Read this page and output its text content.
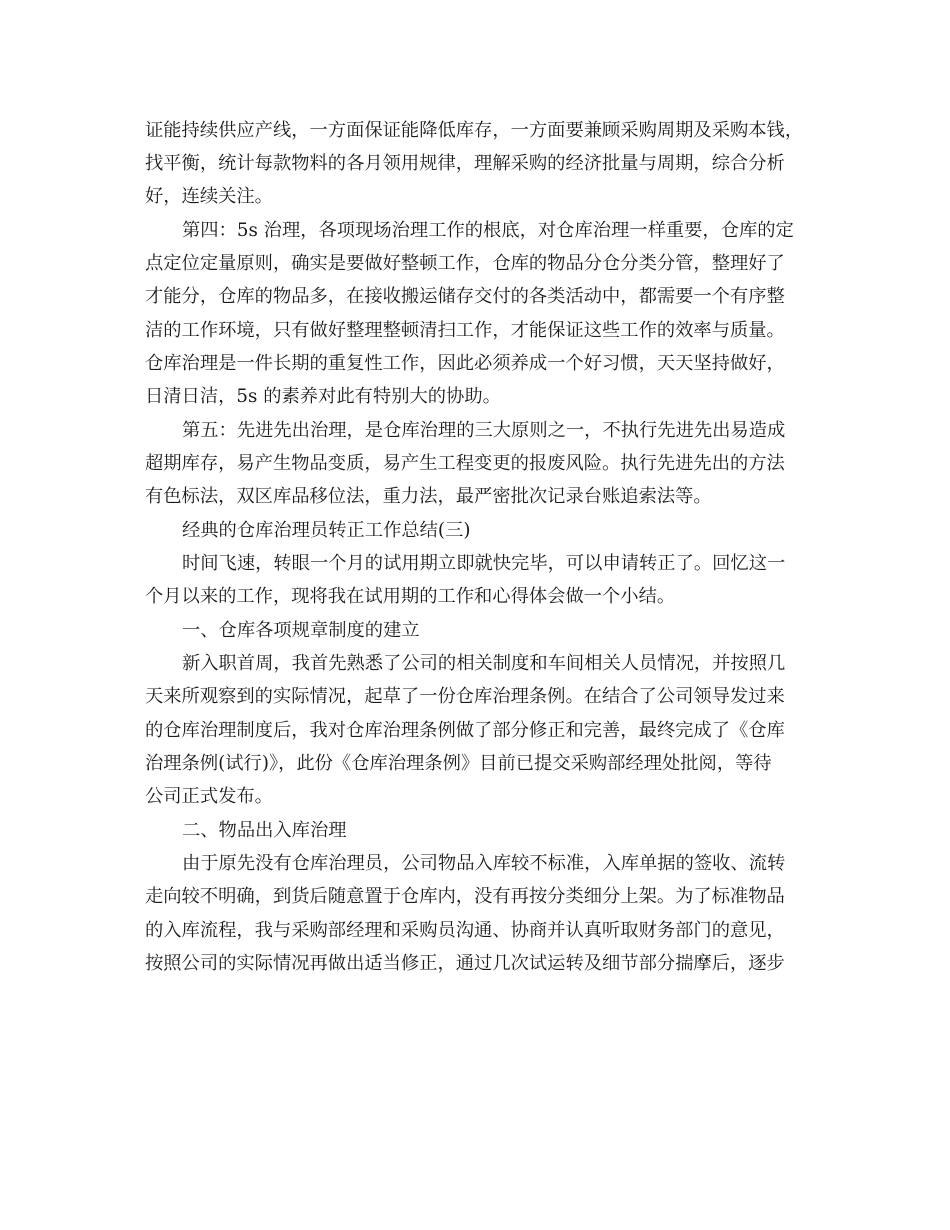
证能持续供应产线，一方面保证能降低库存，一方面要兼顾采购周期及采购本钱，
找平衡，统计每款物料的各月领用规律，理解采购的经济批量与周期，综合分析
好，连续关注。
第四：5s 治理，各项现场治理工作的根底，对仓库治理一样重要，仓库的定
点定位定量原则，确实是要做好整顿工作，仓库的物品分仓分类分管，整理好了
才能分，仓库的物品多，在接收搬运储存交付的各类活动中，都需要一个有序整
洁的工作环境，只有做好整理整顿清扫工作，才能保证这些工作的效率与质量。
仓库治理是一件长期的重复性工作，因此必须养成一个好习惯，天天坚持做好，
日清日洁，5s 的素养对此有特别大的协助。
第五：先进先出治理，是仓库治理的三大原则之一，不执行先进先出易造成
超期库存，易产生物品变质，易产生工程变更的报废风险。执行先进先出的方法
有色标法，双区库品移位法，重力法，最严密批次记录台账追索法等。
经典的仓库治理员转正工作总结(三)
时间飞速，转眼一个月的试用期立即就快完毕，可以申请转正了。回忆这一
个月以来的工作，现将我在试用期的工作和心得体会做一个小结。
一、仓库各项规章制度的建立
新入职首周，我首先熟悉了公司的相关制度和车间相关人员情况，并按照几
天来所观察到的实际情况，起草了一份仓库治理条例。在结合了公司领导发过来
的仓库治理制度后，我对仓库治理条例做了部分修正和完善，最终完成了《仓库
治理条例(试行)》，此份《仓库治理条例》目前已提交采购部经理处批阅，等待
公司正式发布。
二、物品出入库治理
由于原先没有仓库治理员，公司物品入库较不标准，入库单据的签收、流转
走向较不明确，到货后随意置于仓库内，没有再按分类细分上架。为了标准物品
的入库流程，我与采购部经理和采购员沟通、协商并认真听取财务部门的意见，
按照公司的实际情况再做出适当修正，通过几次试运转及细节部分揣摩后，逐步
